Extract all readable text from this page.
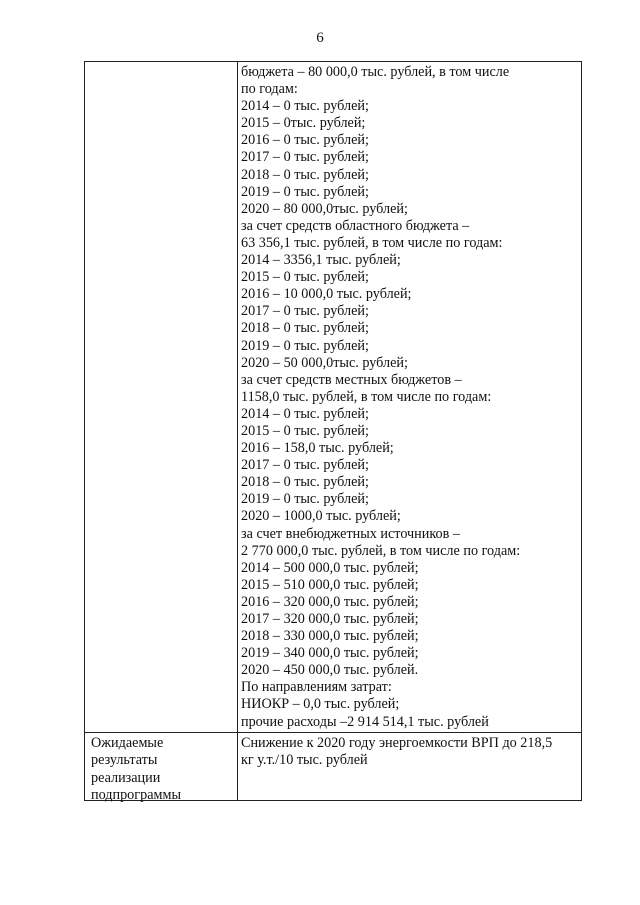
6
бюджета – 80 000,0 тыс. рублей, в том числе
по годам:
2014 – 0 тыс. рублей;
2015 – 0тыс. рублей;
2016 – 0 тыс. рублей;
2017 – 0 тыс. рублей;
2018 – 0 тыс. рублей;
2019 – 0 тыс. рублей;
2020 – 80 000,0тыс. рублей;
за счет средств областного бюджета –
63 356,1 тыс. рублей, в том числе по годам:
2014 – 3356,1 тыс. рублей;
2015 – 0 тыс. рублей;
2016 – 10 000,0 тыс. рублей;
2017 – 0 тыс. рублей;
2018 – 0 тыс. рублей;
2019 – 0 тыс. рублей;
2020 – 50 000,0тыс. рублей;
за счет средств местных бюджетов –
1158,0 тыс. рублей, в том числе по годам:
2014 – 0 тыс. рублей;
2015 – 0 тыс. рублей;
2016 – 158,0 тыс. рублей;
2017 – 0 тыс. рублей;
2018 – 0 тыс. рублей;
2019 – 0 тыс. рублей;
2020 – 1000,0 тыс. рублей;
за счет внебюджетных источников –
2 770 000,0 тыс. рублей, в том числе по годам:
2014 – 500 000,0 тыс. рублей;
2015 – 510 000,0 тыс. рублей;
2016 – 320 000,0 тыс. рублей;
2017 – 320 000,0 тыс. рублей;
2018 – 330 000,0 тыс. рублей;
2019 – 340 000,0 тыс. рублей;
2020 – 450 000,0 тыс. рублей.
По направлениям затрат:
НИОКР – 0,0 тыс. рублей;
прочие расходы –2 914 514,1 тыс. рублей
Ожидаемые
результаты
реализации
подпрограммы
Снижение к 2020 году энергоемкости ВРП до 218,5
кг у.т./10 тыс. рублей
